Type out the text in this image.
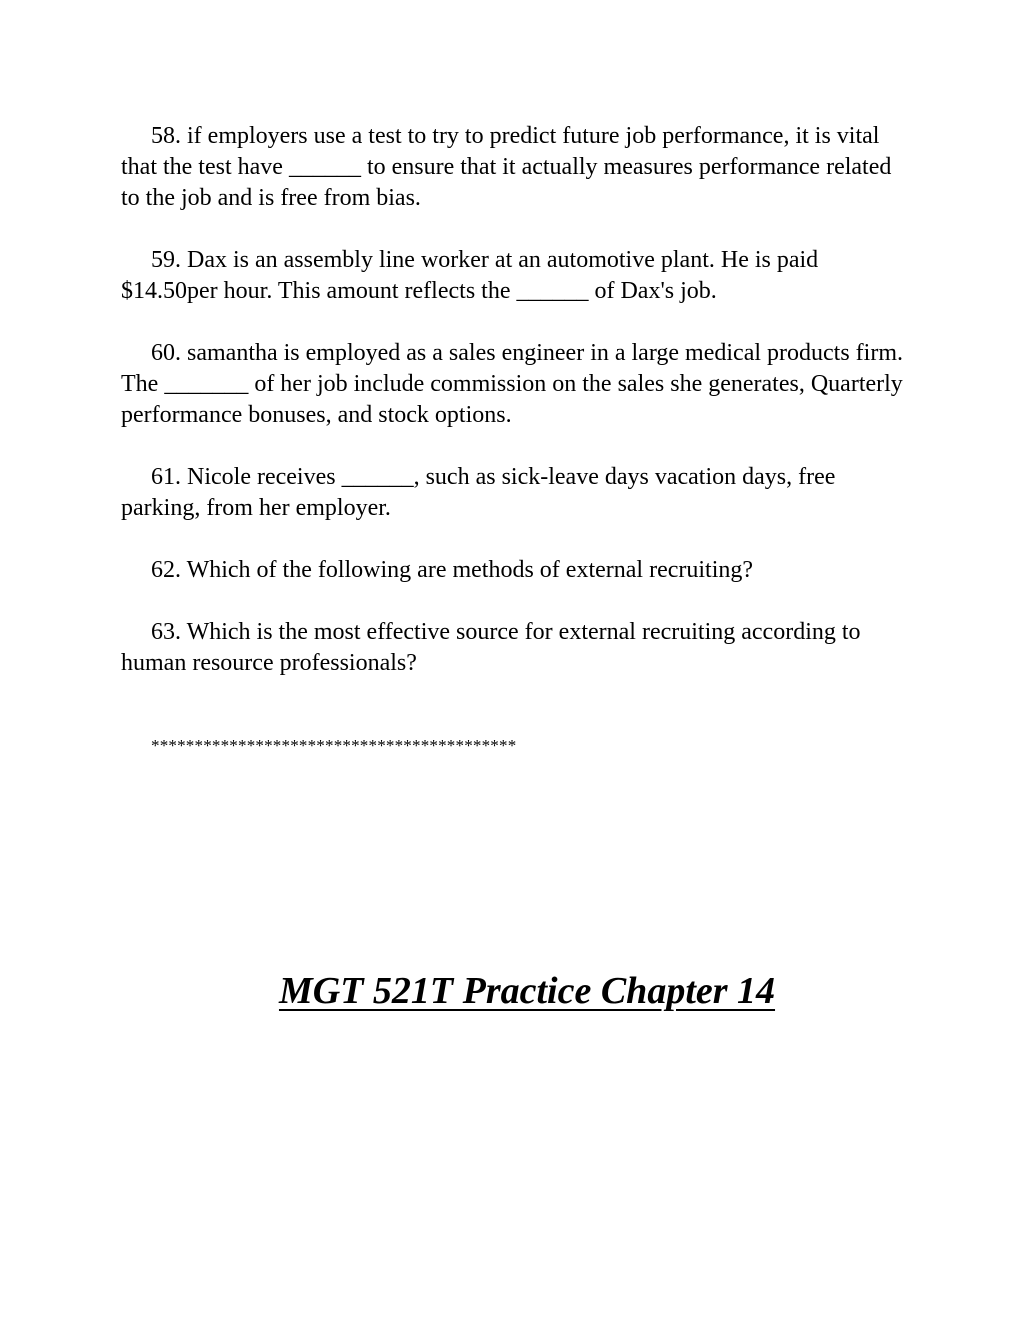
58. if employers use a test to try to predict future job performance, it is vital that the test have ______ to ensure that it actually measures performance related to the job and is free from bias.

59. Dax is an assembly line worker at an automotive plant. He is paid $14.50per hour. This amount reflects the ______ of Dax's job.

60. samantha is employed as a sales engineer in a large medical products firm. The _______ of her job include commission on the sales she generates, Quarterly performance bonuses, and stock options.

61. Nicole receives ______, such as sick-leave days vacation days, free parking, from her employer.

62. Which of the following are methods of external recruiting?

63. Which is the most effective source for external recruiting according to human resource professionals?

******************************************
MGT 521T Practice Chapter 14
